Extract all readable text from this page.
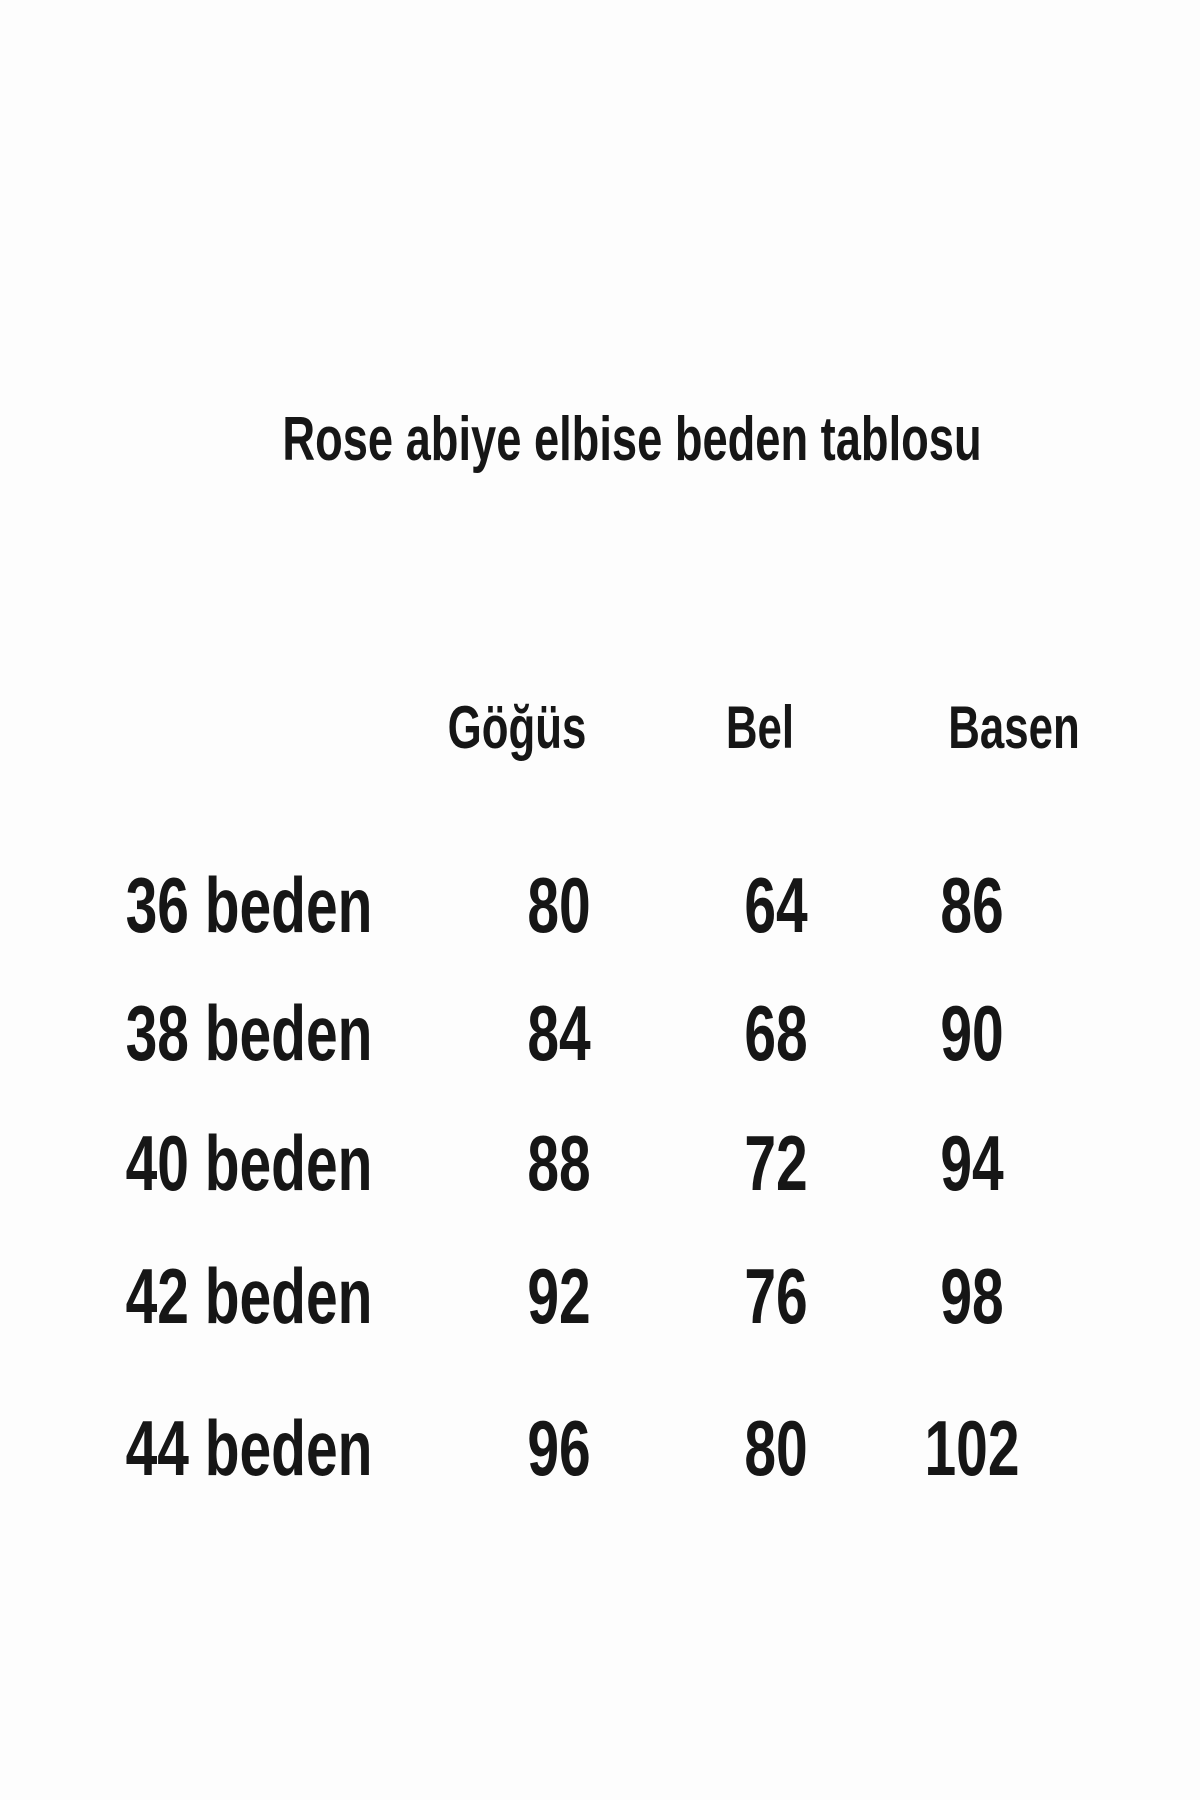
Rose abiye elbise beden tablosu
Göğüs Bel	Basen
36 beden 80 64 86
38 beden 84 68 90
40 beden 88 72 94
42 beden 92 76 98
44 beden 96 80 102
